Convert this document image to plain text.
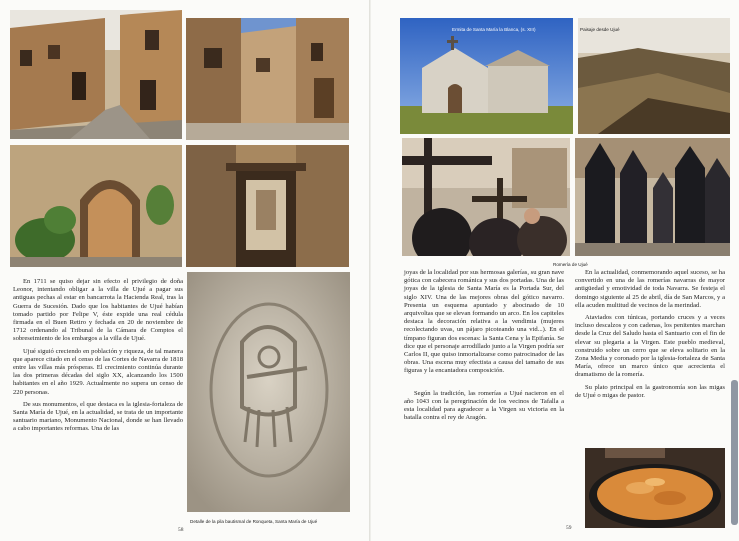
En 1711 se quiso dejar sin efecto el privilegio de doña Leonor, intentando obligar a la villa de Ujué a pagar sus antiguas pechas al estar en bancarrota la Hacienda Real, tras la Guerra de Sucesión. Dado que los habitantes de Ujué habían tomado partido por Felipe V, éste expide una real cédula firmada en el Buen Retiro y fechada en 20 de noviembre de 1712 ordenando al Tribunal de la Cámara de Comptos el sobreseimiento de los embargos a la villa de Ujué.

Ujué siguió creciendo en población y riqueza, de tal manera que aparece citado en el censo de las Cortes de Navarra de 1818 entre las villas más prósperas. El crecimiento continúa durante las dos primeras décadas del siglo XX, alcanzando los 1500 habitantes en el año 1929. Actualmente no supera un censo de 220 personas.

De sus monumentos, el que destaca es la iglesia-fortaleza de Santa María de Ujué, en la actualidad, se trata de un importante santuario mariano, Monumento Nacional, donde se han llevado a cabo importantes reformas. Una de las

Detalle de la pila bautismal de Ronqueta, Santa María de Ujué
58
Ermita de Santa María la Blanca, (s. XIII)	Paisaje desde Ujué
Romería de Ujué

joyas de la localidad por sus hermosas galerías, su gran nave gótica con cabecera románica y sus dos portadas. Una de las joyas de la iglesia de Santa María es la Portada Sur, del siglo XIV. Una de las mejores obras del gótico navarro. Presenta un esquema apuntado y abocinado de 10 arquivoltas que se elevan formando un arco. En los capiteles destaca la decoración relativa a la vendimia (mujeres recolectando uvas, un pájaro picoteando una vid...). En el tímpano figuran dos escenas: la Santa Cena y la Epifanía. Se dice que el personaje arrodillado junto a la Virgen podría ser Carlos II, que quiso inmortalizarse como patrocinador de las obras. Una escena muy efectista a causa del tamaño de sus figuras y la encantadora composición.

Según la tradición, las romerías a Ujué nacieron en el año 1043 con la peregrinación de los vecinos de Tafalla a esta localidad para agradecer a la Virgen su victoria en la batalla contra el rey de Aragón.

En la actualidad, conmemorando aquel suceso, se ha convertido en una de las romerías navarras de mayor antigüedad y emotividad de toda Navarra. Se festeja el domingo siguiente al 25 de abril, día de San Marcos, y a ella acuden multitud de vecinos de la merindad.

Ataviados con túnicas, portando cruces y a veces incluso descalzos y con cadenas, los penitentes marchan desde la Cruz del Saludo hasta el Santuario con el fin de elevar su plegaria a la Virgen. Este pueblo medieval, construido sobre un cerro que se eleva solitario en la Zona Media y coronado por la iglesia-fortaleza de Santa María, ofrece un marco único que acrecienta el dramatismo de la romería.

Su plato principal en la gastronomía son las migas de Ujué o migas de pastor.

59
